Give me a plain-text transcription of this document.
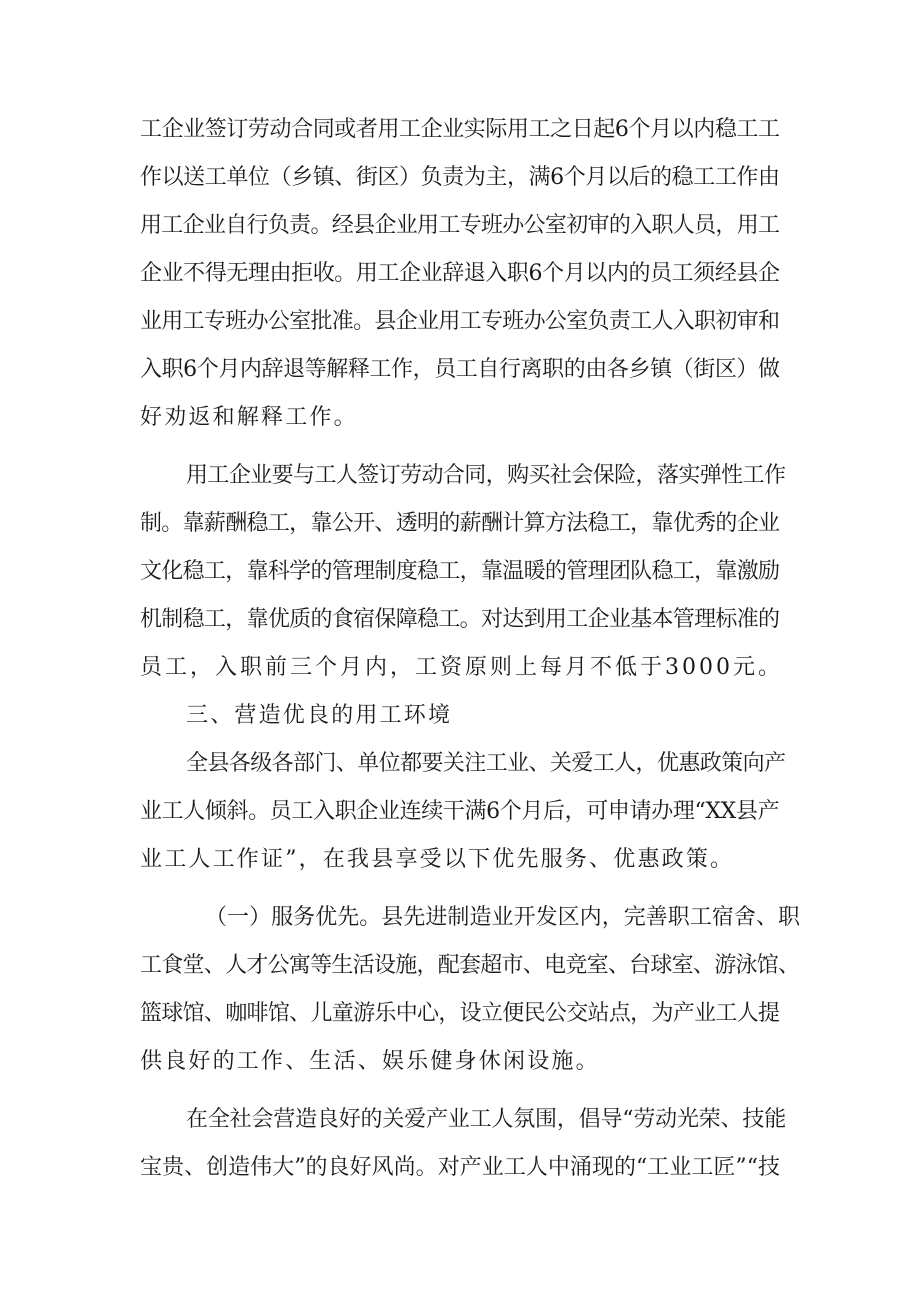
工企业签订劳动合同或者用工企业实际用工之日起6个月以内稳工工
作以送工单位（乡镇、街区）负责为主，满6个月以后的稳工工作由
用工企业自行负责。经县企业用工专班办公室初审的入职人员，用工
企业不得无理由拒收。用工企业辞退入职6个月以内的员工须经县企
业用工专班办公室批准。县企业用工专班办公室负责工人入职初审和
入职6个月内辞退等解释工作，员工自行离职的由各乡镇（街区）做
好劝返和解释工作。
用工企业要与工人签订劳动合同，购买社会保险，落实弹性工作
制。靠薪酬稳工，靠公开、透明的薪酬计算方法稳工，靠优秀的企业
文化稳工，靠科学的管理制度稳工，靠温暖的管理团队稳工，靠激励
机制稳工，靠优质的食宿保障稳工。对达到用工企业基本管理标准的
员工，入职前三个月内，工资原则上每月不低于3000元。
三、营造优良的用工环境
全县各级各部门、单位都要关注工业、关爱工人，优惠政策向产
业工人倾斜。员工入职企业连续干满6个月后，可申请办理“XX县产
业工人工作证”，在我县享受以下优先服务、优惠政策。
（一）服务优先。县先进制造业开发区内，完善职工宿舍、职
工食堂、人才公寓等生活设施，配套超市、电竞室、台球室、游泳馆、
篮球馆、咖啡馆、儿童游乐中心，设立便民公交站点，为产业工人提
供良好的工作、生活、娱乐健身休闲设施。
在全社会营造良好的关爱产业工人氛围，倡导“劳动光荣、技能
宝贵、创造伟大”的良好风尚。对产业工人中涌现的“工业工匠”“技
